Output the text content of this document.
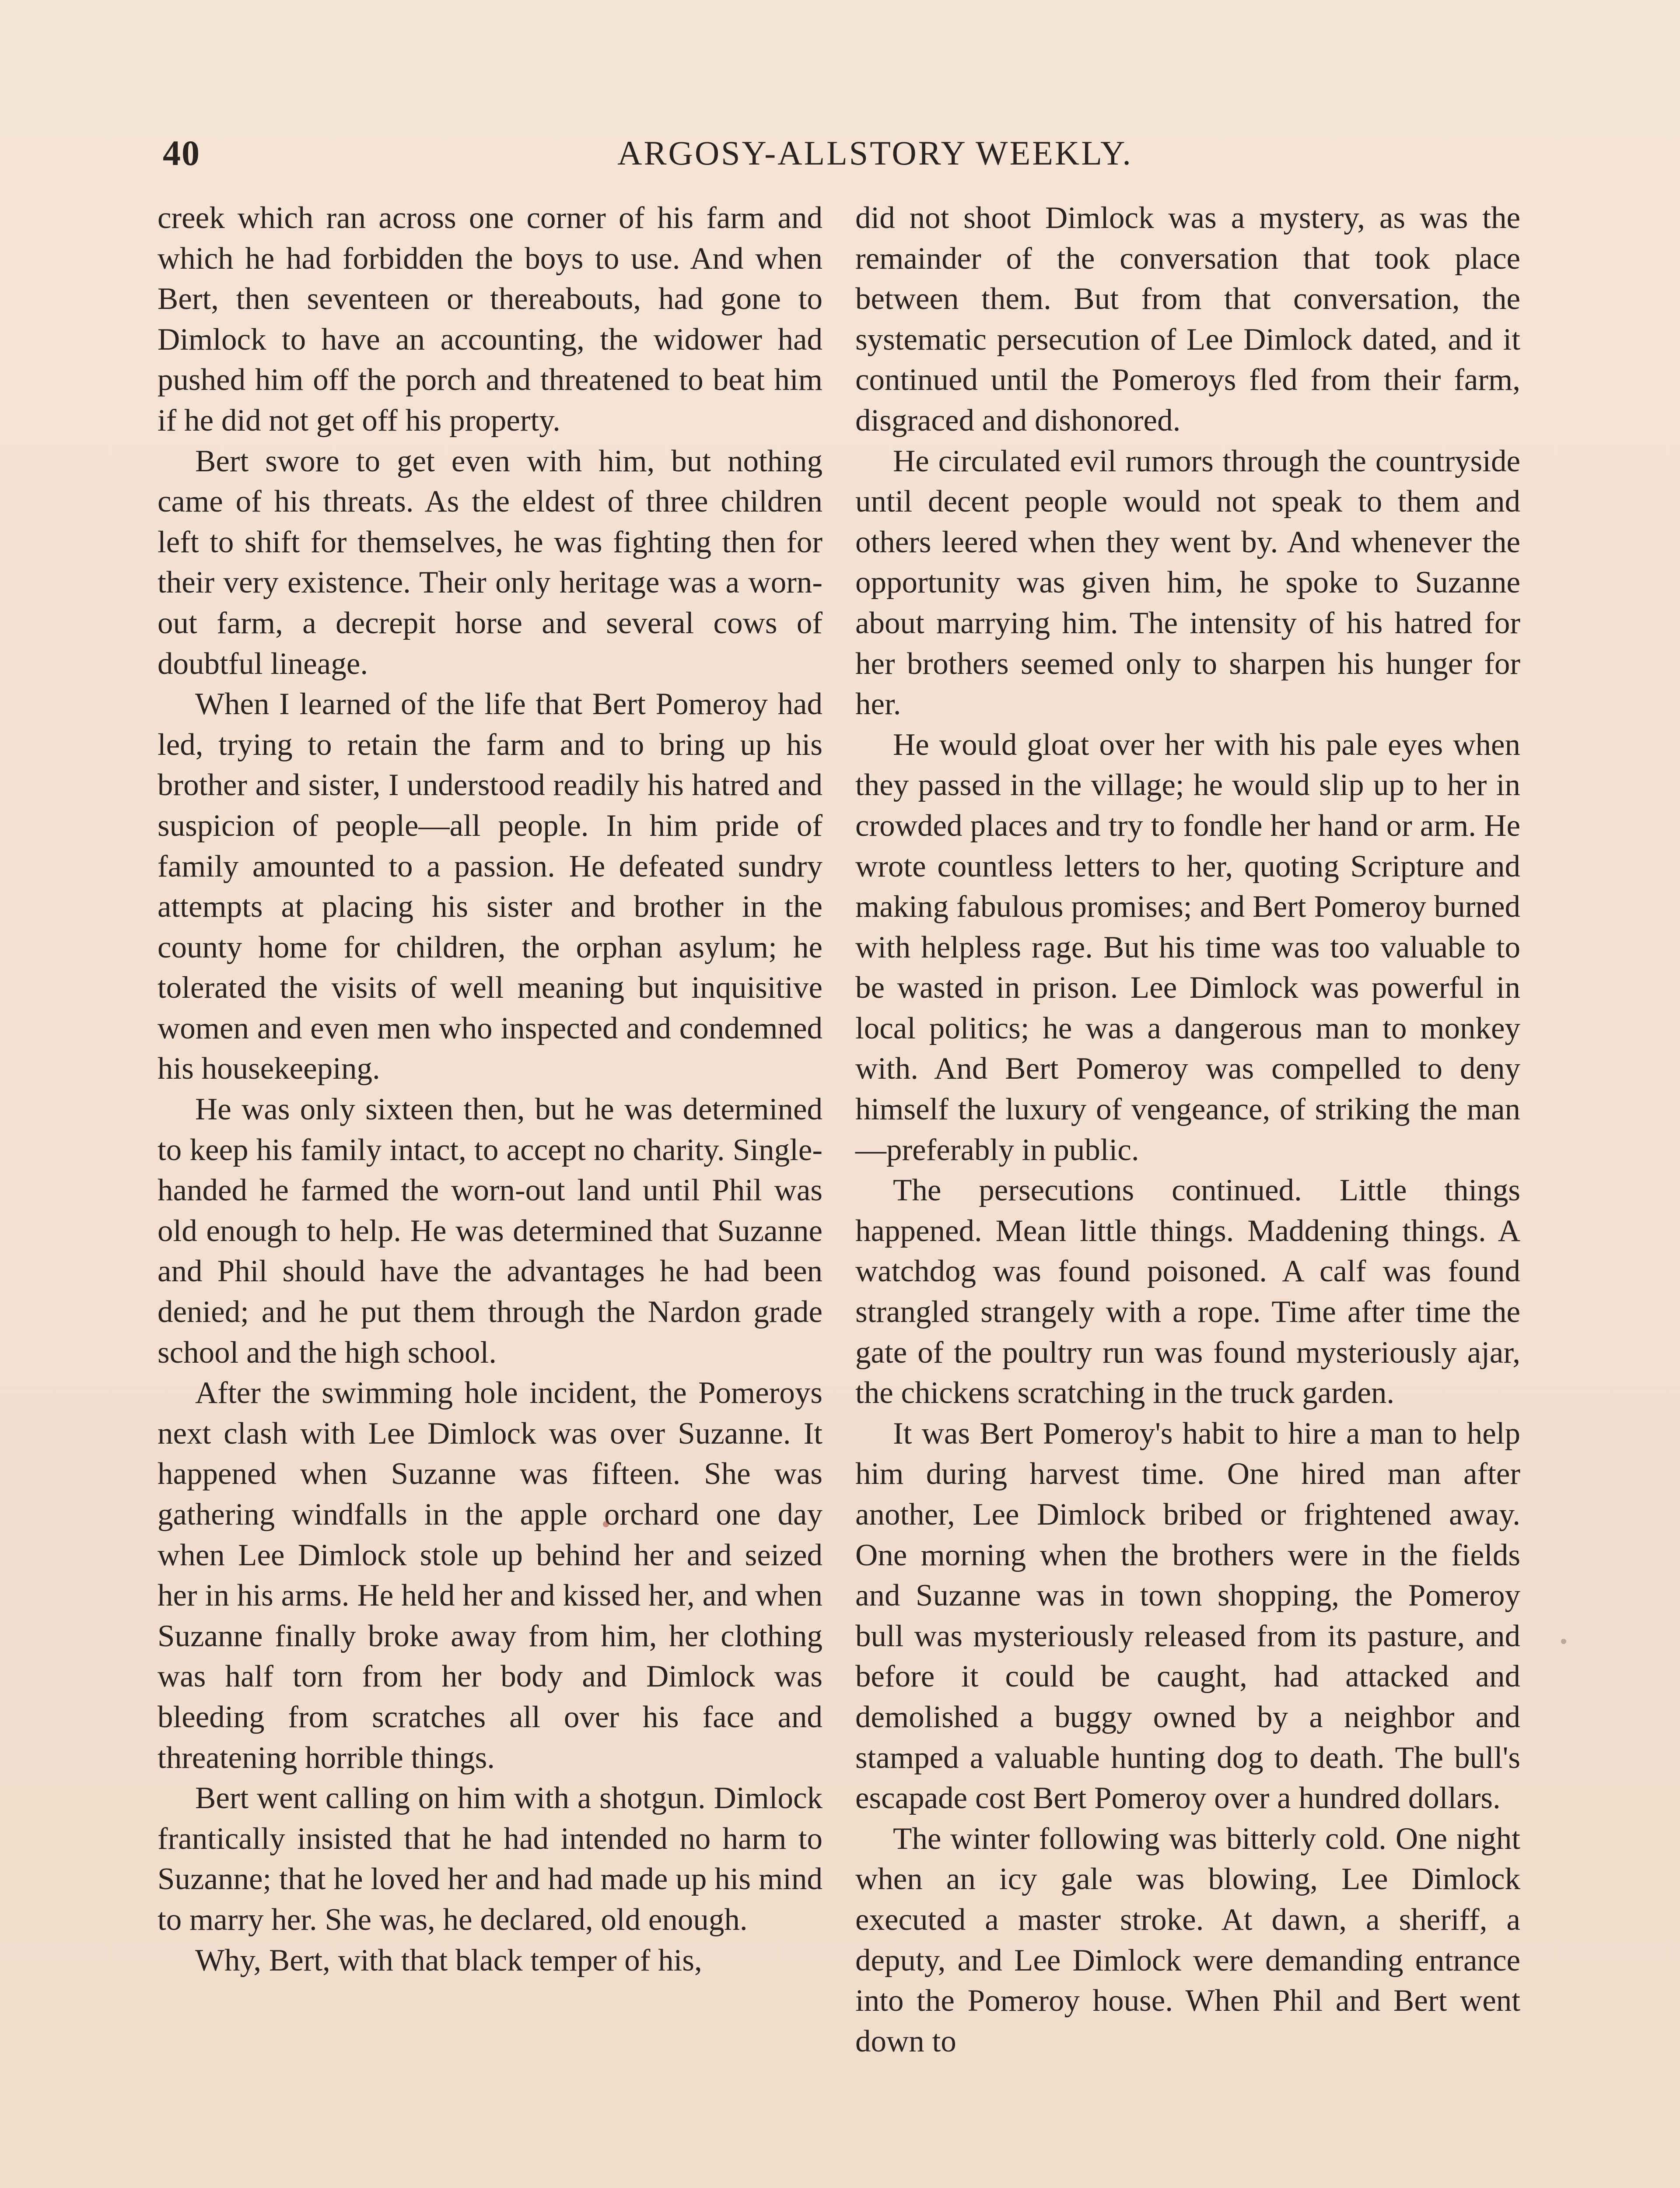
40	ARGOSY-ALLSTORY WEEKLY.

creek which ran across one corner of his farm and which he had forbidden the boys to use. And when Bert, then seventeen or thereabouts, had gone to Dimlock to have an accounting, the widower had pushed him off the porch and threatened to beat him if he did not get off his property.

Bert swore to get even with him, but nothing came of his threats. As the eldest of three children left to shift for themselves, he was fighting then for their very existence. Their only heritage was a worn-out farm, a decrepit horse and several cows of doubtful lineage.

When I learned of the life that Bert Pomeroy had led, trying to retain the farm and to bring up his brother and sister, I understood readily his hatred and suspicion of people—all people. In him pride of family amounted to a passion. He defeated sundry attempts at placing his sister and brother in the county home for children, the orphan asylum; he tolerated the visits of well meaning but inquisitive women and even men who inspected and condemned his housekeeping.

He was only sixteen then, but he was determined to keep his family intact, to accept no charity. Single-handed he farmed the worn-out land until Phil was old enough to help. He was determined that Suzanne and Phil should have the advantages he had been denied; and he put them through the Nardon grade school and the high school.

After the swimming hole incident, the Pomeroys next clash with Lee Dimlock was over Suzanne. It happened when Suzanne was fifteen. She was gathering windfalls in the apple orchard one day when Lee Dimlock stole up behind her and seized her in his arms. He held her and kissed her, and when Suzanne finally broke away from him, her clothing was half torn from her body and Dimlock was bleeding from scratches all over his face and threatening horrible things.

Bert went calling on him with a shotgun. Dimlock frantically insisted that he had intended no harm to Suzanne; that he loved her and had made up his mind to marry her. She was, he declared, old enough.

Why, Bert, with that black temper of his,

did not shoot Dimlock was a mystery, as was the remainder of the conversation that took place between them. But from that conversation, the systematic persecution of Lee Dimlock dated, and it continued until the Pomeroys fled from their farm, disgraced and dishonored.

He circulated evil rumors through the countryside until decent people would not speak to them and others leered when they went by. And whenever the opportunity was given him, he spoke to Suzanne about marrying him. The intensity of his hatred for her brothers seemed only to sharpen his hunger for her.

He would gloat over her with his pale eyes when they passed in the village; he would slip up to her in crowded places and try to fondle her hand or arm. He wrote countless letters to her, quoting Scripture and making fabulous promises; and Bert Pomeroy burned with helpless rage. But his time was too valuable to be wasted in prison. Lee Dimlock was powerful in local politics; he was a dangerous man to monkey with. And Bert Pomeroy was compelled to deny himself the luxury of vengeance, of striking the man—preferably in public.

The persecutions continued. Little things happened. Mean little things. Maddening things. A watchdog was found poisoned. A calf was found strangled strangely with a rope. Time after time the gate of the poultry run was found mysteriously ajar, the chickens scratching in the truck garden.

It was Bert Pomeroy's habit to hire a man to help him during harvest time. One hired man after another, Lee Dimlock bribed or frightened away. One morning when the brothers were in the fields and Suzanne was in town shopping, the Pomeroy bull was mysteriously released from its pasture, and before it could be caught, had attacked and demolished a buggy owned by a neighbor and stamped a valuable hunting dog to death. The bull's escapade cost Bert Pomeroy over a hundred dollars.

The winter following was bitterly cold. One night when an icy gale was blowing, Lee Dimlock executed a master stroke. At dawn, a sheriff, a deputy, and Lee Dimlock were demanding entrance into the Pomeroy house. When Phil and Bert went down to
